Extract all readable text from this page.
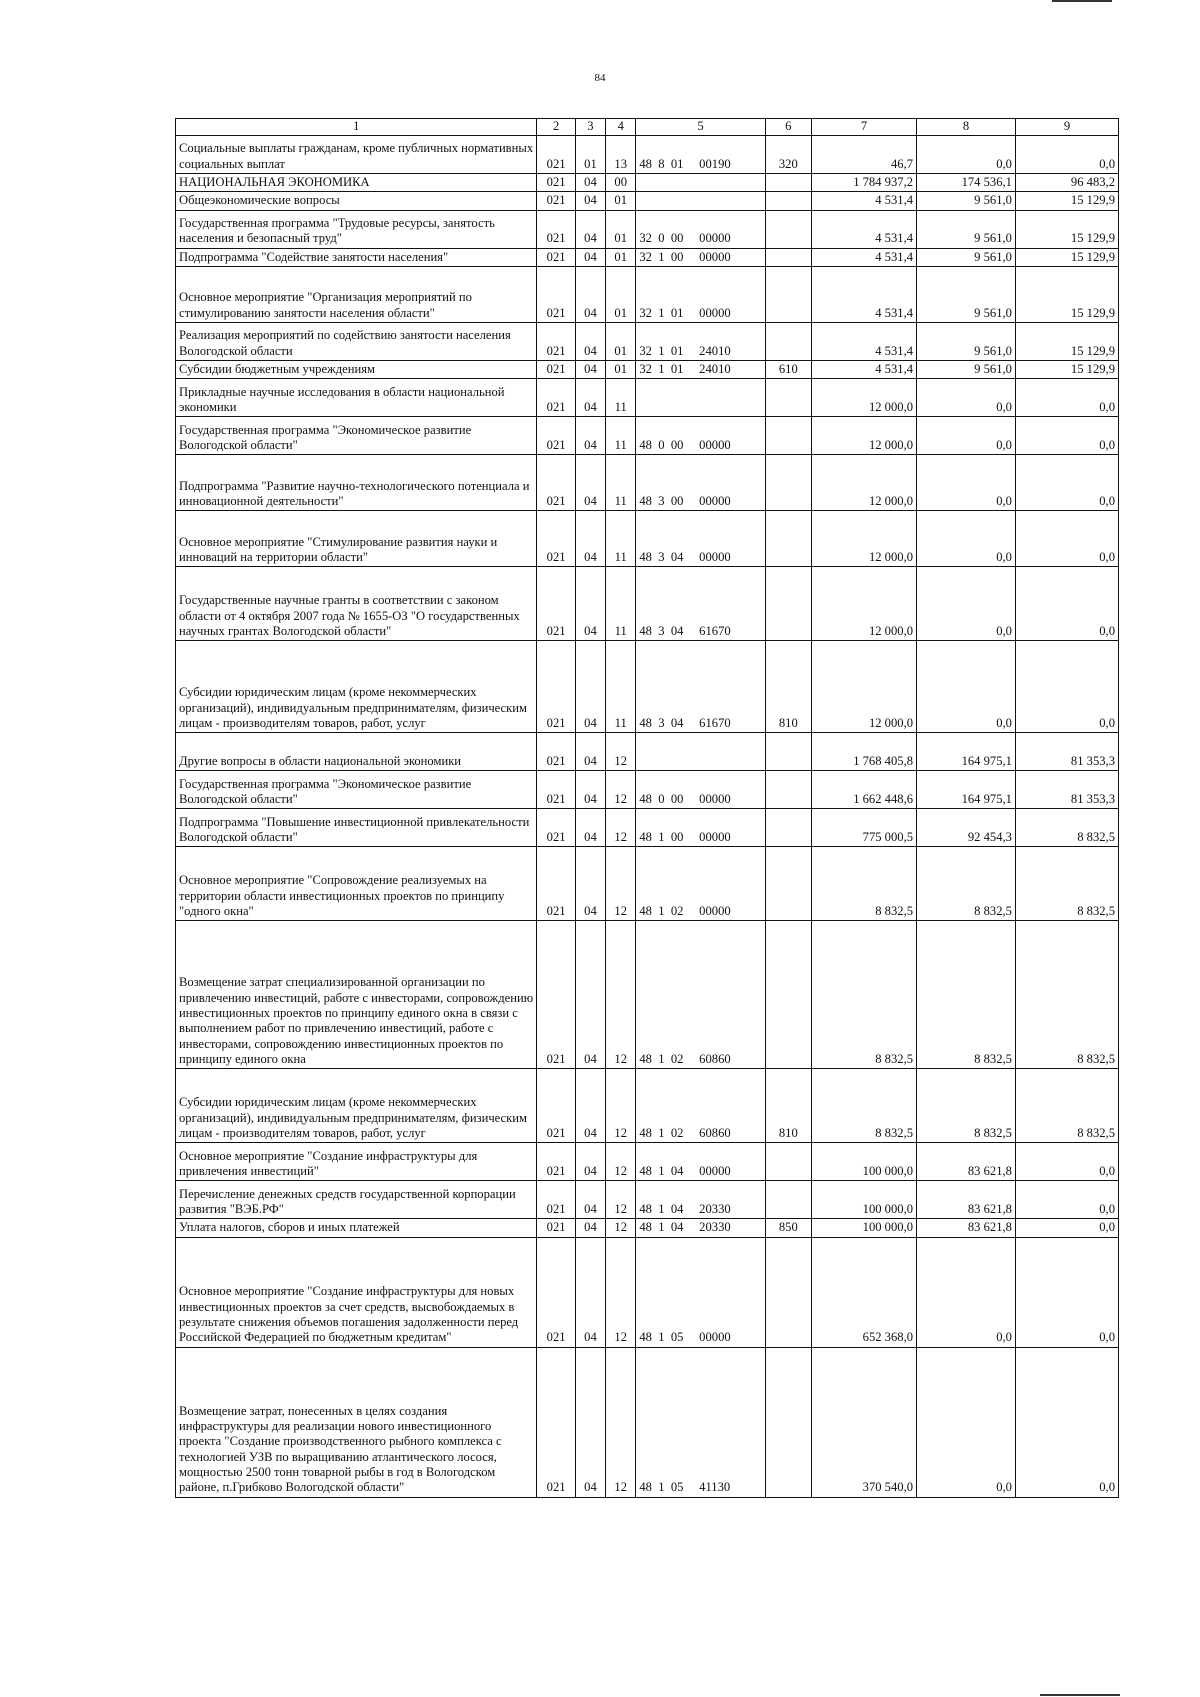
84
1	2	3	4	5	6	7	8	9
Социальные выплаты гражданам, кроме публичных нормативных социальных выплат	021	01	13	48  8  01     00190	320	46,7	0,0	0,0
НАЦИОНАЛЬНАЯ ЭКОНОМИКА	021	04	00			1 784 937,2	174 536,1	96 483,2
Общеэкономические вопросы	021	04	01			4 531,4	9 561,0	15 129,9
Государственная программа "Трудовые ресурсы, занятость населения и безопасный труд"	021	04	01	32  0  00     00000		4 531,4	9 561,0	15 129,9
Подпрограмма "Содействие занятости населения"	021	04	01	32  1  00     00000		4 531,4	9 561,0	15 129,9
Основное мероприятие "Организация мероприятий по стимулированию занятости населения области"	021	04	01	32  1  01     00000		4 531,4	9 561,0	15 129,9
Реализация мероприятий по содействию занятости населения Вологодской области	021	04	01	32  1  01     24010		4 531,4	9 561,0	15 129,9
Субсидии бюджетным учреждениям	021	04	01	32  1  01     24010	610	4 531,4	9 561,0	15 129,9
Прикладные научные исследования в области национальной экономики	021	04	11			12 000,0	0,0	0,0
Государственная программа "Экономическое развитие Вологодской области"	021	04	11	48  0  00     00000		12 000,0	0,0	0,0
Подпрограмма "Развитие научно-технологического потенциала и инновационной деятельности"	021	04	11	48  3  00     00000		12 000,0	0,0	0,0
Основное мероприятие "Стимулирование развития науки и инноваций на территории области"	021	04	11	48  3  04     00000		12 000,0	0,0	0,0
Государственные научные гранты в соответствии с законом области от 4 октября 2007 года № 1655-ОЗ "О государственных научных грантах Вологодской области"	021	04	11	48  3  04     61670		12 000,0	0,0	0,0
Субсидии юридическим лицам (кроме некоммерческих организаций), индивидуальным предпринимателям, физическим лицам - производителям товаров, работ, услуг	021	04	11	48  3  04     61670	810	12 000,0	0,0	0,0
Другие вопросы в области национальной экономики	021	04	12			1 768 405,8	164 975,1	81 353,3
Государственная программа "Экономическое развитие Вологодской области"	021	04	12	48  0  00     00000		1 662 448,6	164 975,1	81 353,3
Подпрограмма "Повышение инвестиционной привлекательности Вологодской области"	021	04	12	48  1  00     00000		775 000,5	92 454,3	8 832,5
Основное мероприятие "Сопровождение реализуемых на территории области инвестиционных проектов по принципу "одного окна"	021	04	12	48  1  02     00000		8 832,5	8 832,5	8 832,5
Возмещение затрат специализированной организации по привлечению инвестиций, работе с инвесторами, сопровождению инвестиционных проектов по принципу единого окна в связи с выполнением работ по привлечению инвестиций, работе с инвесторами, сопровождению инвестиционных проектов по принципу единого окна	021	04	12	48  1  02     60860		8 832,5	8 832,5	8 832,5
Субсидии юридическим лицам (кроме некоммерческих организаций), индивидуальным предпринимателям, физическим лицам - производителям товаров, работ, услуг	021	04	12	48  1  02     60860	810	8 832,5	8 832,5	8 832,5
Основное мероприятие "Создание инфраструктуры для привлечения инвестиций"	021	04	12	48  1  04     00000		100 000,0	83 621,8	0,0
Перечисление денежных средств государственной корпорации развития "ВЭБ.РФ"	021	04	12	48  1  04     20330		100 000,0	83 621,8	0,0
Уплата налогов, сборов и иных платежей	021	04	12	48  1  04     20330	850	100 000,0	83 621,8	0,0
Основное мероприятие "Создание инфраструктуры для новых инвестиционных проектов за счет средств, высвобождаемых в результате снижения объемов погашения задолженности перед Российской Федерацией по бюджетным кредитам"	021	04	12	48  1  05     00000		652 368,0	0,0	0,0
Возмещение затрат, понесенных в целях создания инфраструктуры для реализации нового инвестиционного проекта "Создание производственного рыбного комплекса с технологией УЗВ по выращиванию атлантического лосося, мощностью 2500 тонн товарной рыбы в год в Вологодском районе, п.Грибково Вологодской области"	021	04	12	48  1  05     41130		370 540,0	0,0	0,0
